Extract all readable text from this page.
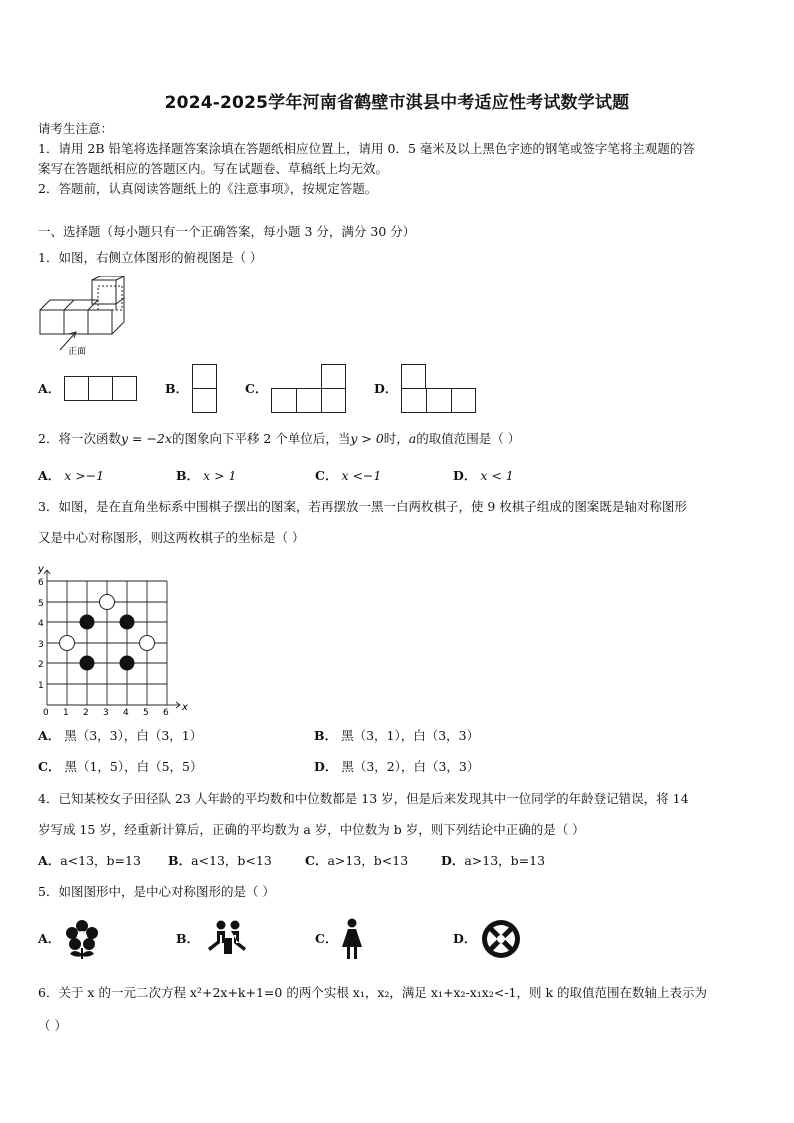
2024-2025学年河南省鹤壁市淇县中考适应性考试数学试题
请考生注意：
1．请用 2B 铅笔将选择题答案涂填在答题纸相应位置上，请用 0．5 毫米及以上黑色字迹的钢笔或签字笔将主观题的答
案写在答题纸相应的答题区内。写在试题卷、草稿纸上均无效。
2．答题前，认真阅读答题纸上的《注意事项》，按规定答题。
一、选择题（每小题只有一个正确答案，每小题 3 分，满分 30 分）
1．如图，右侧立体图形的俯视图是（ ）
正面
A．	B．	C．	D．
2．将一次函数y = −2x的图象向下平移 2 个单位后，当y > 0时，a的取值范围是（ ）
A． x >−1	B． x > 1	C． x <−1	D． x < 1
3．如图，是在直角坐标系中围棋子摆出的图案，若再摆放一黑一白两枚棋子，使 9 枚棋子组成的图案既是轴对称图形
又是中心对称图形，则这两枚棋子的坐标是（ ）
y
x
0 1 2 3 4 5 6
1
2
3
4
5
6
A． 黑（3，3），白（3，1）	B． 黑（3，1），白（3，3）
C． 黑（1，5），白（5，5）	D． 黑（3，2），白（3，3）
4．已知某校女子田径队 23 人年龄的平均数和中位数都是 13 岁，但是后来发现其中一位同学的年龄登记错误，将 14
岁写成 15 岁，经重新计算后，正确的平均数为 a 岁，中位数为 b 岁，则下列结论中正确的是（ ）
A．a<13，b=13 B．a<13，b<13	C．a>13，b<13	D．a>13，b=13
5．如图图形中，是中心对称图形的是（ ）
A．	B．	C．	D．
6．关于 x 的一元二次方程 x²+2x+k+1=0 的两个实根 x₁，x₂，满足 x₁+x₂-x₁x₂<-1，则 k 的取值范围在数轴上表示为
（ ）
